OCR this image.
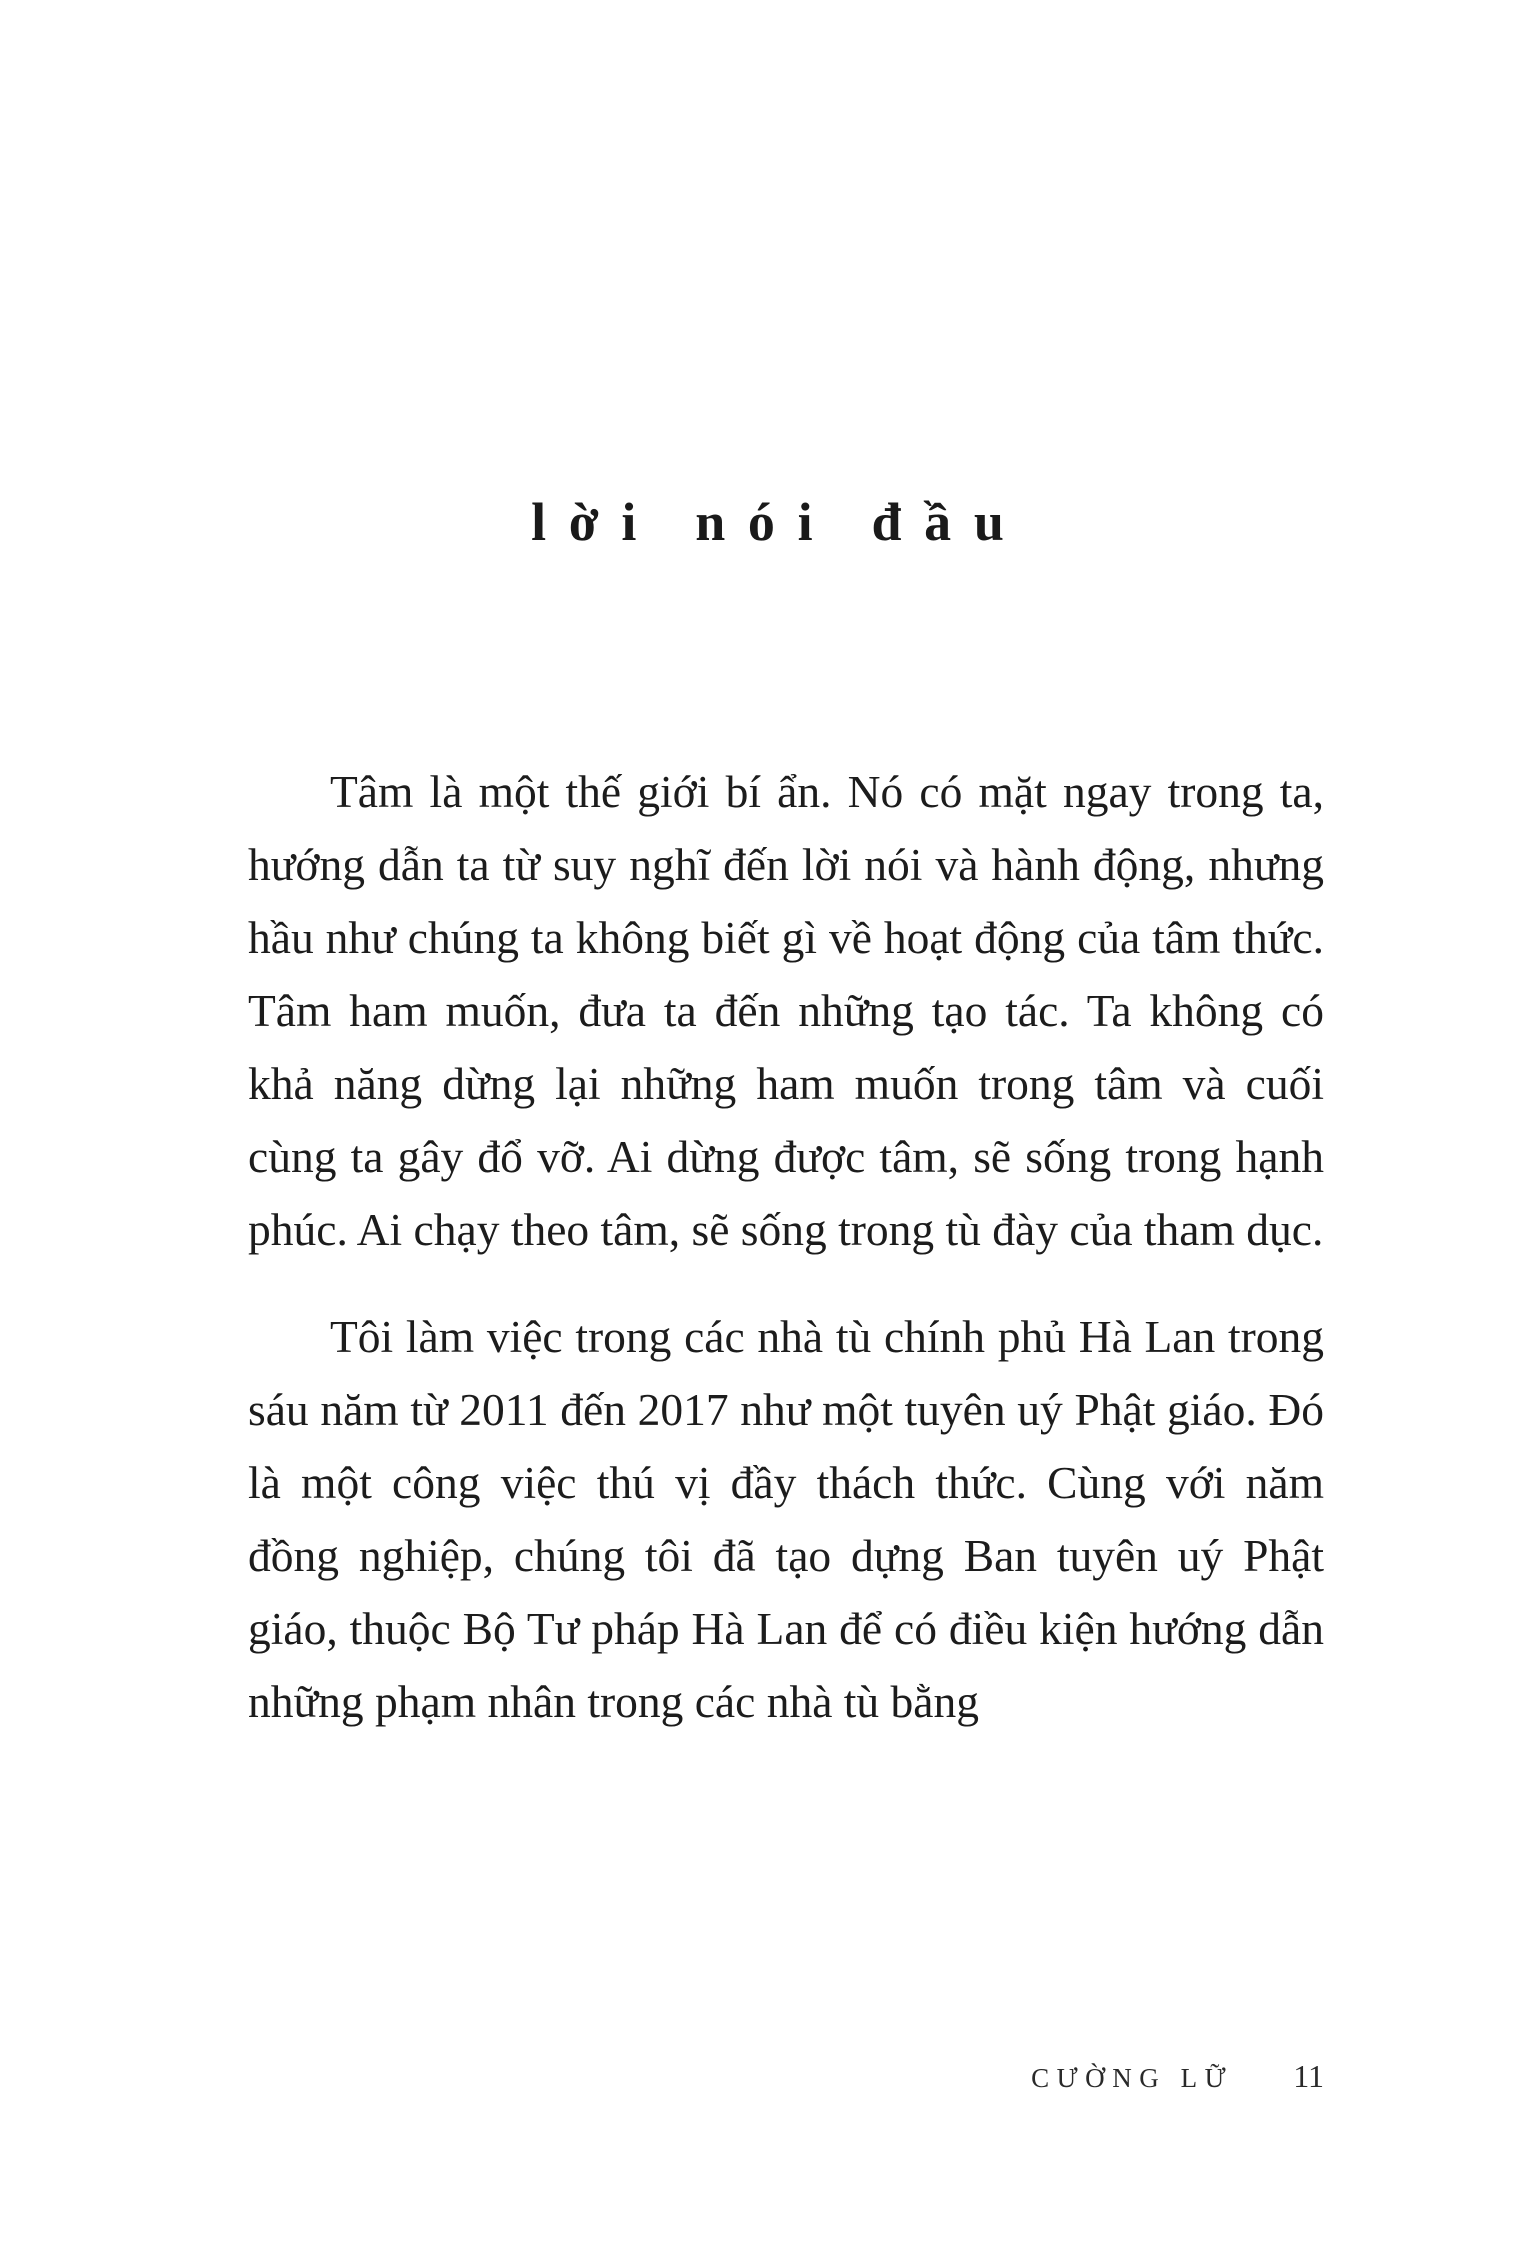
lời nói đầu

Tâm là một thế giới bí ẩn. Nó có mặt ngay trong ta, hướng dẫn ta từ suy nghĩ đến lời nói và hành động, nhưng hầu như chúng ta không biết gì về hoạt động của tâm thức. Tâm ham muốn, đưa ta đến những tạo tác. Ta không có khả năng dừng lại những ham muốn trong tâm và cuối cùng ta gây đổ vỡ. Ai dừng được tâm, sẽ sống trong hạnh phúc. Ai chạy theo tâm, sẽ sống trong tù đày của tham dục.

Tôi làm việc trong các nhà tù chính phủ Hà Lan trong sáu năm từ 2011 đến 2017 như một tuyên uý Phật giáo. Đó là một công việc thú vị đầy thách thức. Cùng với năm đồng nghiệp, chúng tôi đã tạo dựng Ban tuyên uý Phật giáo, thuộc Bộ Tư pháp Hà Lan để có điều kiện hướng dẫn những phạm nhân trong các nhà tù bằng

CƯỜNG LỮ 11
